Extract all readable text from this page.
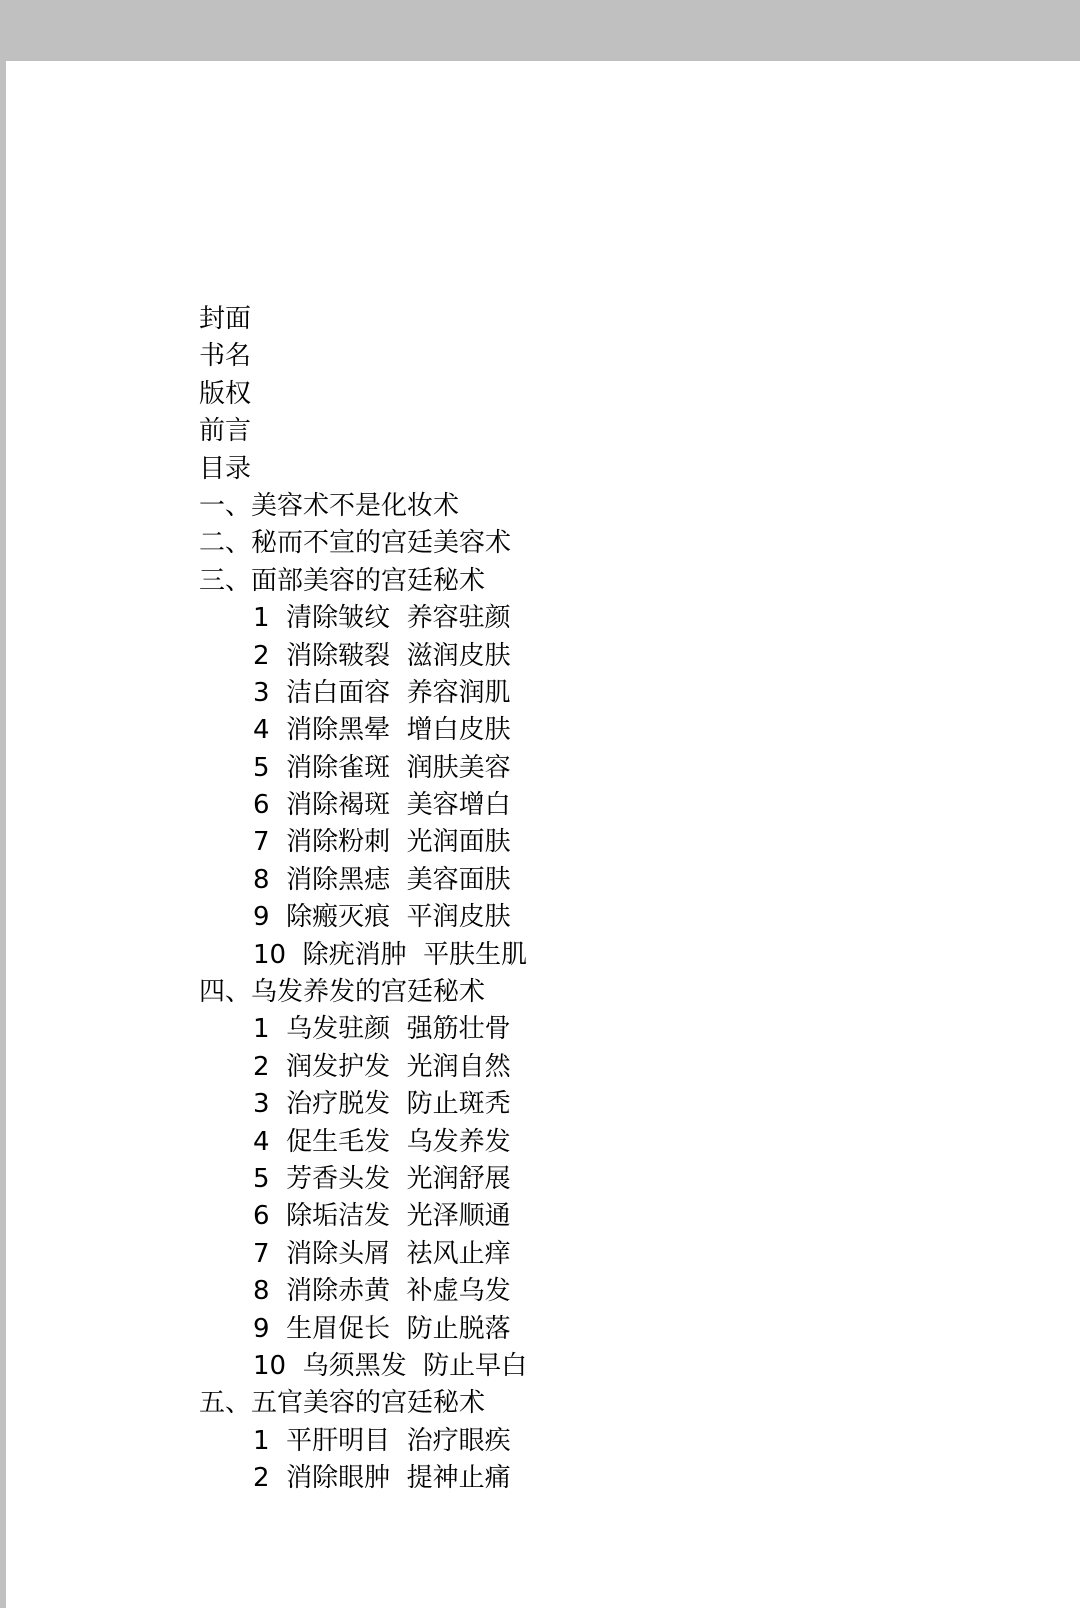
封面
书名
版权
前言
目录
一、美容术不是化妆术
二、秘而不宣的宫廷美容术
三、面部美容的宫廷秘术
1  清除皱纹  养容驻颜
2  消除皲裂  滋润皮肤
3  洁白面容  养容润肌
4  消除黑晕  增白皮肤
5  消除雀斑  润肤美容
6  消除褐斑  美容增白
7  消除粉刺  光润面肤
8  消除黑痣  美容面肤
9  除瘢灭痕  平润皮肤
10  除疣消肿  平肤生肌
四、乌发养发的宫廷秘术
1  乌发驻颜  强筋壮骨
2  润发护发  光润自然
3  治疗脱发  防止斑秃
4  促生毛发  乌发养发
5  芳香头发  光润舒展
6  除垢洁发  光泽顺通
7  消除头屑  祛风止痒
8  消除赤黄  补虚乌发
9  生眉促长  防止脱落
10  乌须黑发  防止早白
五、五官美容的宫廷秘术
1  平肝明目  治疗眼疾
2  消除眼肿  提神止痛
